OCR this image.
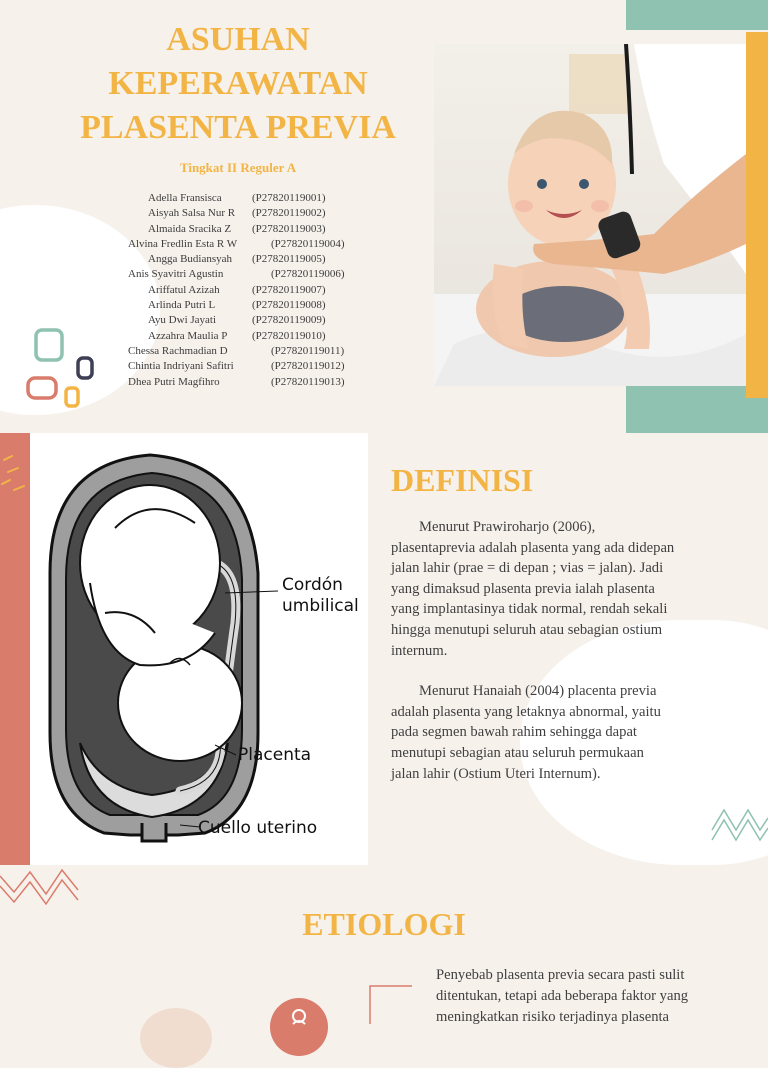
ASUHAN
KEPERAWATAN
PLASENTA PREVIA
Tingkat II Reguler A
Adella Fransisca	(P27820119001)
Aisyah Salsa Nur R	(P27820119002)
Almaida Sracika Z	(P27820119003)
Alvina Fredlin Esta R W	(P27820119004)
Angga Budiansyah	(P27820119005)
Anis Syavitri Agustin	(P27820119006)
Ariffatul Azizah	(P27820119007)
Arlinda Putri L	(P27820119008)
Ayu Dwi Jayati	(P27820119009)
Azzahra Maulia P	(P27820119010)
Chessa Rachmadian D	(P27820119011)
Chintia Indriyani Safitri	(P27820119012)
Dhea Putri Magfihro	(P27820119013)
Cordón
umbilical
Placenta
Cuello uterino
DEFINISI

Menurut Prawiroharjo (2006), plasentaprevia adalah plasenta yang ada didepan jalan lahir (prae = di depan ; vias = jalan). Jadi yang dimaksud plasenta previa ialah plasenta yang implantasinya tidak normal, rendah sekali hingga menutupi seluruh atau sebagian ostium internum.

Menurut Hanaiah (2004) placenta previa adalah plasenta yang letaknya abnormal, yaitu pada segmen bawah rahim sehingga dapat menutupi sebagian atau seluruh permukaan jalan lahir (Ostium Uteri Internum).

ETIOLOGI

Penyebab plasenta previa secara pasti sulit ditentukan, tetapi ada beberapa faktor yang meningkatkan risiko terjadinya plasenta
